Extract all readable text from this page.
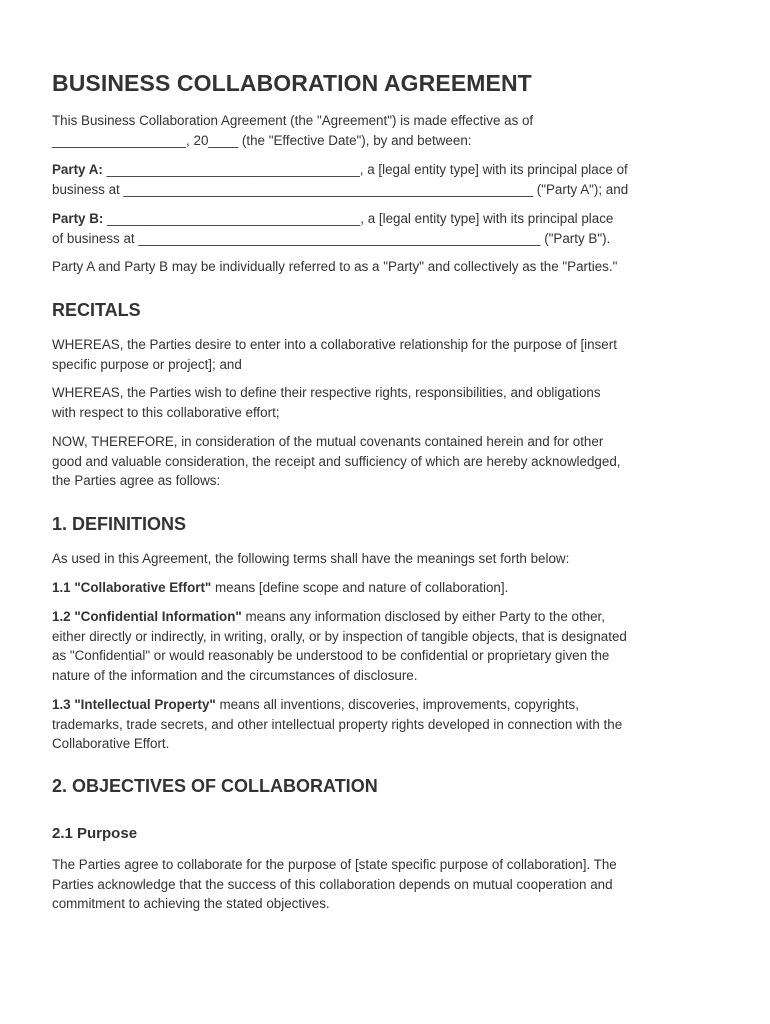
BUSINESS COLLABORATION AGREEMENT

This Business Collaboration Agreement (the "Agreement") is made effective as of
__________________, 20____ (the "Effective Date"), by and between:

Party A: __________________________________, a [legal entity type] with its principal place of
business at _______________________________________________________ ("Party A"); and

Party B: __________________________________, a [legal entity type] with its principal place
of business at ______________________________________________________ ("Party B").

Party A and Party B may be individually referred to as a "Party" and collectively as the "Parties."

RECITALS

WHEREAS, the Parties desire to enter into a collaborative relationship for the purpose of [insert
specific purpose or project]; and

WHEREAS, the Parties wish to define their respective rights, responsibilities, and obligations
with respect to this collaborative effort;

NOW, THEREFORE, in consideration of the mutual covenants contained herein and for other
good and valuable consideration, the receipt and sufficiency of which are hereby acknowledged,
the Parties agree as follows:

1. DEFINITIONS

As used in this Agreement, the following terms shall have the meanings set forth below:

1.1 "Collaborative Effort" means [define scope and nature of collaboration].

1.2 "Confidential Information" means any information disclosed by either Party to the other,
either directly or indirectly, in writing, orally, or by inspection of tangible objects, that is designated
as "Confidential" or would reasonably be understood to be confidential or proprietary given the
nature of the information and the circumstances of disclosure.

1.3 "Intellectual Property" means all inventions, discoveries, improvements, copyrights,
trademarks, trade secrets, and other intellectual property rights developed in connection with the
Collaborative Effort.

2. OBJECTIVES OF COLLABORATION
2.1 Purpose

The Parties agree to collaborate for the purpose of [state specific purpose of collaboration]. The
Parties acknowledge that the success of this collaboration depends on mutual cooperation and
commitment to achieving the stated objectives.
